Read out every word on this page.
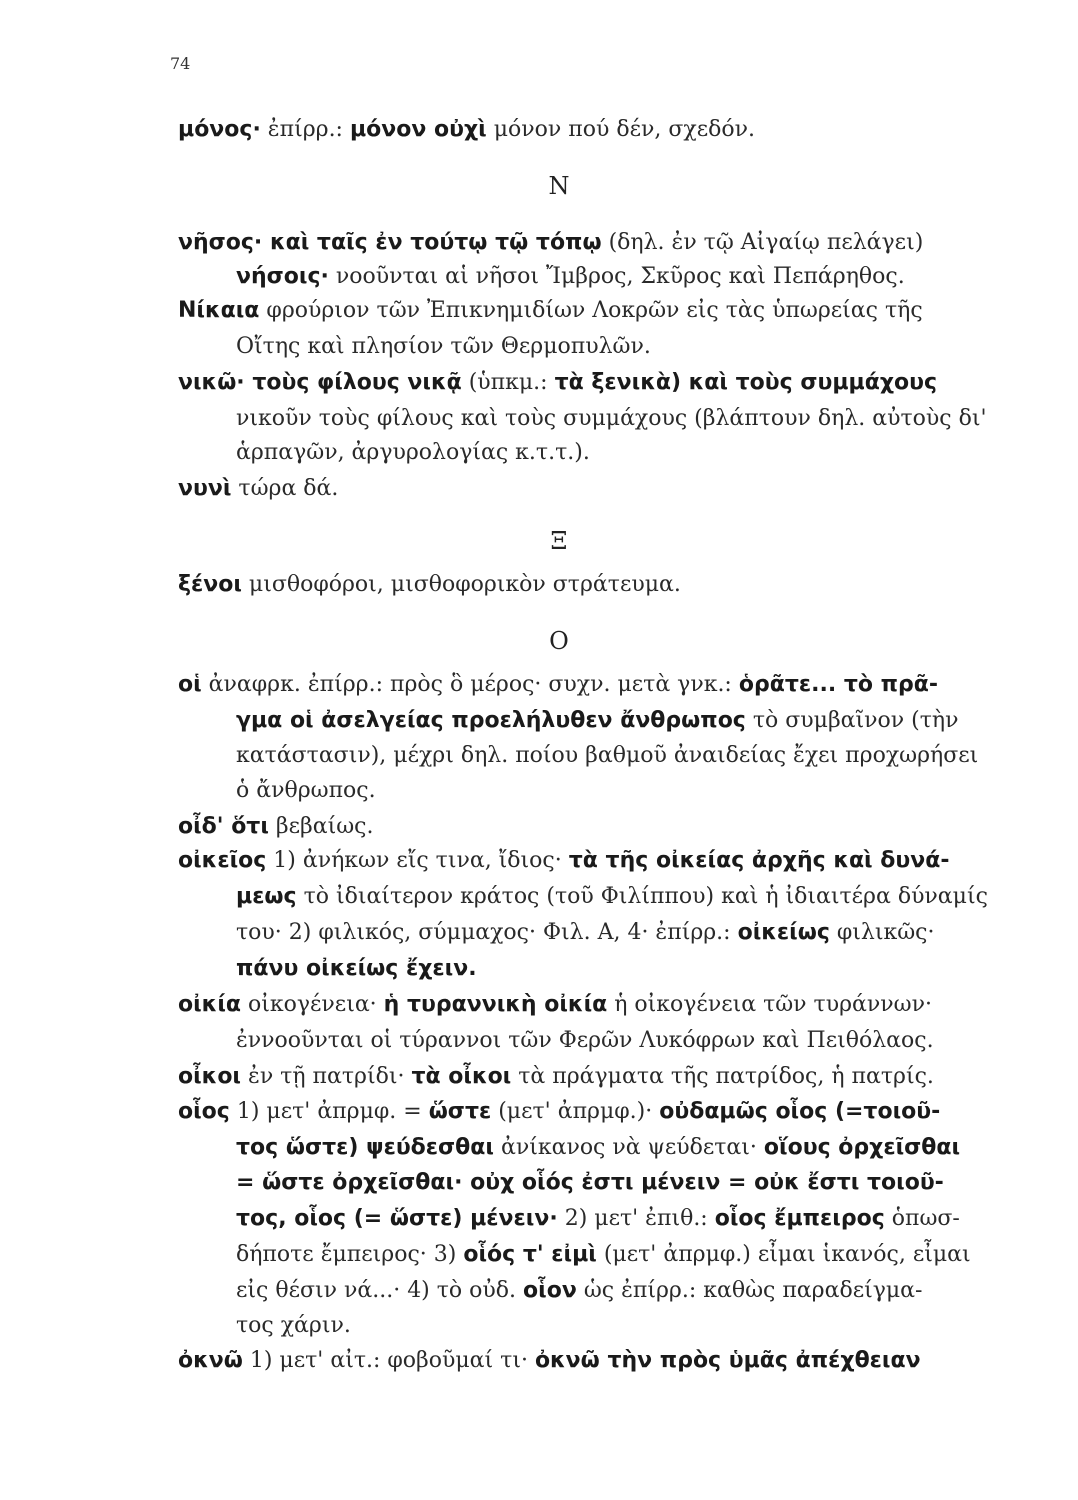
74
μόνος· ἐπίρρ.: μόνον οὐχὶ μόνον πού δέν, σχεδόν.
N
νῆσος· καὶ ταῖς ἐν τούτῳ τῷ τόπῳ (δηλ. ἐν τῷ Αἰγαίῳ πελάγει)
νήσοις· νοοῦνται αἱ νῆσοι Ἴμβρος, Σκῦρος καὶ Πεπάρηθος.
Νίκαια φρούριον τῶν Ἐπικνημιδίων Λοκρῶν εἰς τὰς ὑπωρείας τῆς
Οἴτης καὶ πλησίον τῶν Θερμοπυλῶν.
νικῶ· τοὺς φίλους νικᾷ (ὑπκμ.: τὰ ξενικὰ) καὶ τοὺς συμμάχους
νικοῦν τοὺς φίλους καὶ τοὺς συμμάχους (βλάπτουν δηλ. αὐτοὺς δι'
ἁρπαγῶν, ἀργυρολογίας κ.τ.τ.).
νυνὶ τώρα δά.
Ξ
ξένοι μισθοφόροι, μισθοφορικὸν στράτευμα.
O
οἱ ἀναφρκ. ἐπίρρ.: πρὸς ὃ μέρος· συχν. μετὰ γνκ.: ὁρᾶτε... τὸ πρᾶ-
γμα οἱ ἀσελγείας προελήλυθεν ἄνθρωπος τὸ συμβαῖνον (τὴν
κατάστασιν), μέχρι δηλ. ποίου βαθμοῦ ἀναιδείας ἔχει προχωρήσει
ὁ ἄνθρωπος.
οἶδ' ὅτι βεβαίως.
οἰκεῖος 1) ἀνήκων εἴς τινα, ἴδιος· τὰ τῆς οἰκείας ἀρχῆς καὶ δυνά-
μεως τὸ ἰδιαίτερον κράτος (τοῦ Φιλίππου) καὶ ἡ ἰδιαιτέρα δύναμίς
του· 2) φιλικός, σύμμαχος· Φιλ. Α, 4· ἐπίρρ.: οἰκείως φιλικῶς·
πάνυ οἰκείως ἔχειν.
οἰκία οἰκογένεια· ἡ τυραννικὴ οἰκία ἡ οἰκογένεια τῶν τυράννων·
ἐννοοῦνται οἱ τύραννοι τῶν Φερῶν Λυκόφρων καὶ Πειθόλαος.
οἶκοι ἐν τῇ πατρίδι· τὰ οἶκοι τὰ πράγματα τῆς πατρίδος, ἡ πατρίς.
οἷος 1) μετ' ἀπρμφ. = ὥστε (μετ' ἀπρμφ.)· οὐδαμῶς οἷος (=τοιοῦ-
τος ὥστε) ψεύδεσθαι ἀνίκανος νὰ ψεύδεται· οἵους ὀρχεῖσθαι
= ὥστε ὀρχεῖσθαι· οὐχ οἷός ἐστι μένειν = οὐκ ἔστι τοιοῦ-
τος, οἷος (= ὥστε) μένειν· 2) μετ' ἐπιθ.: οἷος ἔμπειρος ὁπωσ-
δήποτε ἔμπειρος· 3) οἷός τ' εἰμὶ (μετ' ἀπρμφ.) εἶμαι ἱκανός, εἶμαι
εἰς θέσιν νά...· 4) τὸ οὐδ. οἷον ὡς ἐπίρρ.: καθὼς παραδείγμα-
τος χάριν.
ὀκνῶ 1) μετ' αἰτ.: φοβοῦμαί τι· ὀκνῶ τὴν πρὸς ὑμᾶς ἀπέχθειαν
